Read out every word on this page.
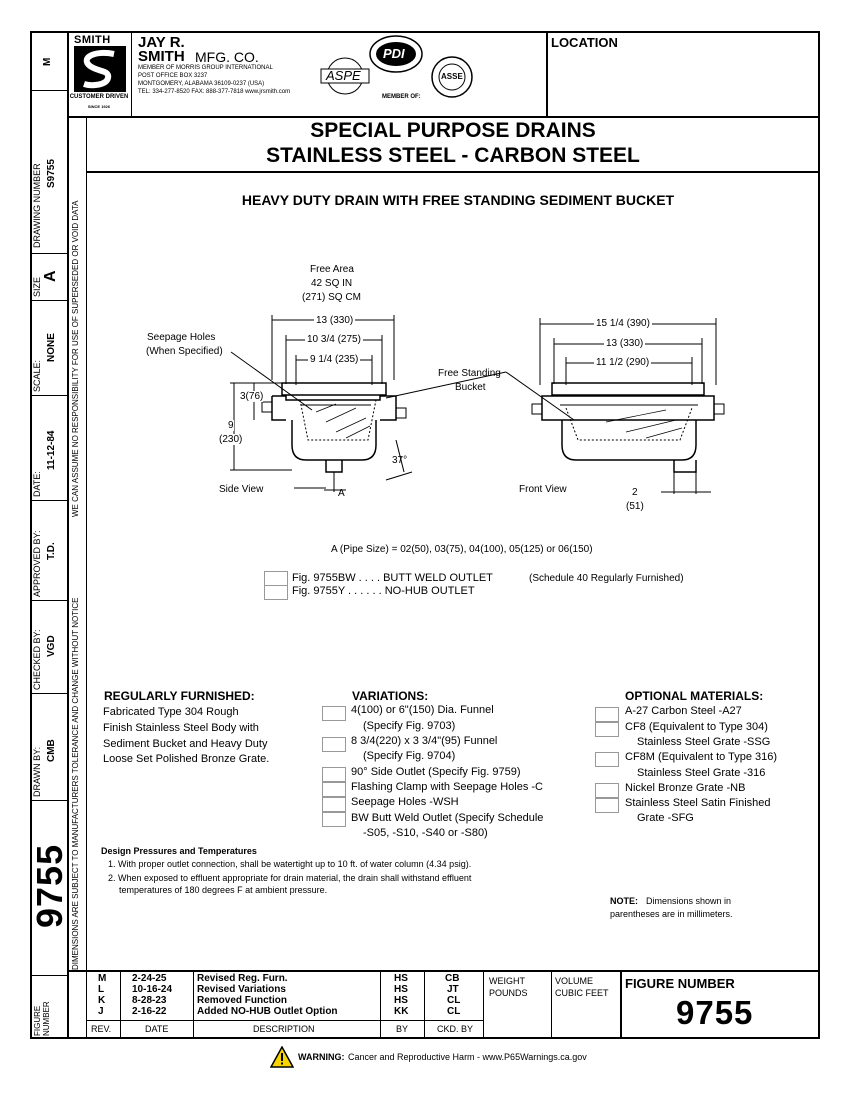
M
DRAWING NUMBER S9755
SIZE
A
SCALE:
NONE
DATE:
11-12-84
APPROVED BY: T.D.
CHECKED BY: VGD
DRAWN BY: CMB
9755
FIGURE NUMBER
WE CAN ASSUME NO RESPONSIBILITY FOR USE OF SUPERSEDED OR VOID DATA
DIMENSIONS ARE SUBJECT TO MANUFACTURERS TOLERANCE AND CHANGE WITHOUT NOTICE
SMITH
CUSTOMER DRIVEN
SINCE 1926
JAY R.
SMITH MFG. CO.
MEMBER OF MORRIS GROUP INTERNATIONAL
POST OFFICE BOX 3237
MONTGOMERY, ALABAMA 36109-0237 (USA)
TEL: 334-277-8520 FAX: 888-377-7818 www.jrsmith.com
ASPE
PDI
ASSE
MEMBER OF:
LOCATION
SPECIAL PURPOSE DRAINS
STAINLESS STEEL - CARBON STEEL
HEAVY DUTY DRAIN WITH FREE STANDING SEDIMENT BUCKET
Free Area
42 SQ IN
(271) SQ CM
Seepage Holes
(When Specified)
13 (330)
10 3/4 (275)
9 1/4 (235)
3(76)
9
(230)
37°
A
Side View
Free Standing
Bucket
15 1/4 (390)
13 (330)
11 1/2 (290)
Front View	2
(51)
A (Pipe Size) = 02(50), 03(75), 04(100), 05(125) or 06(150)
Fig. 9755BW . . . . BUTT WELD OUTLET	(Schedule 40 Regularly Furnished)
Fig. 9755Y . . . . . . NO-HUB OUTLET
REGULARLY FURNISHED:
Fabricated Type 304 Rough
Finish Stainless Steel Body with
Sediment Bucket and Heavy Duty
Loose Set Polished Bronze Grate.
VARIATIONS:
4(100) or 6"(150) Dia. Funnel
(Specify Fig. 9703)
8 3/4(220) x 3 3/4"(95) Funnel
(Specify Fig. 9704)
90° Side Outlet (Specify Fig. 9759)
Flashing Clamp with Seepage Holes -C
Seepage Holes -WSH
BW Butt Weld Outlet (Specify Schedule
-S05, -S10, -S40 or -S80)
OPTIONAL MATERIALS:
A-27 Carbon Steel -A27
CF8 (Equivalent to Type 304)
Stainless Steel Grate -SSG
CF8M (Equivalent to Type 316)
Stainless Steel Grate -316
Nickel Bronze Grate -NB
Stainless Steel Satin Finished
Grate -SFG
Design Pressures and Temperatures
1. With proper outlet connection, shall be watertight up to 10 ft. of water column (4.34 psig).
2. When exposed to effluent appropriate for drain material, the drain shall withstand effluent
temperatures of 180 degrees F at ambient pressure.
NOTE: Dimensions shown in
parentheses are in millimeters.
M	2-24-25	Revised Reg. Furn.	HS	CB
L	10-16-24 Revised Variations	HS	JT
K	8-28-23	Removed Function	HS	CL
J	2-16-22	Added NO-HUB Outlet Option	KK	CL
REV.	DATE	DESCRIPTION	BY	CKD. BY
WEIGHT
POUNDS
VOLUME
CUBIC FEET
FIGURE NUMBER
9755
WARNING: Cancer and Reproductive Harm - www.P65Warnings.ca.gov
